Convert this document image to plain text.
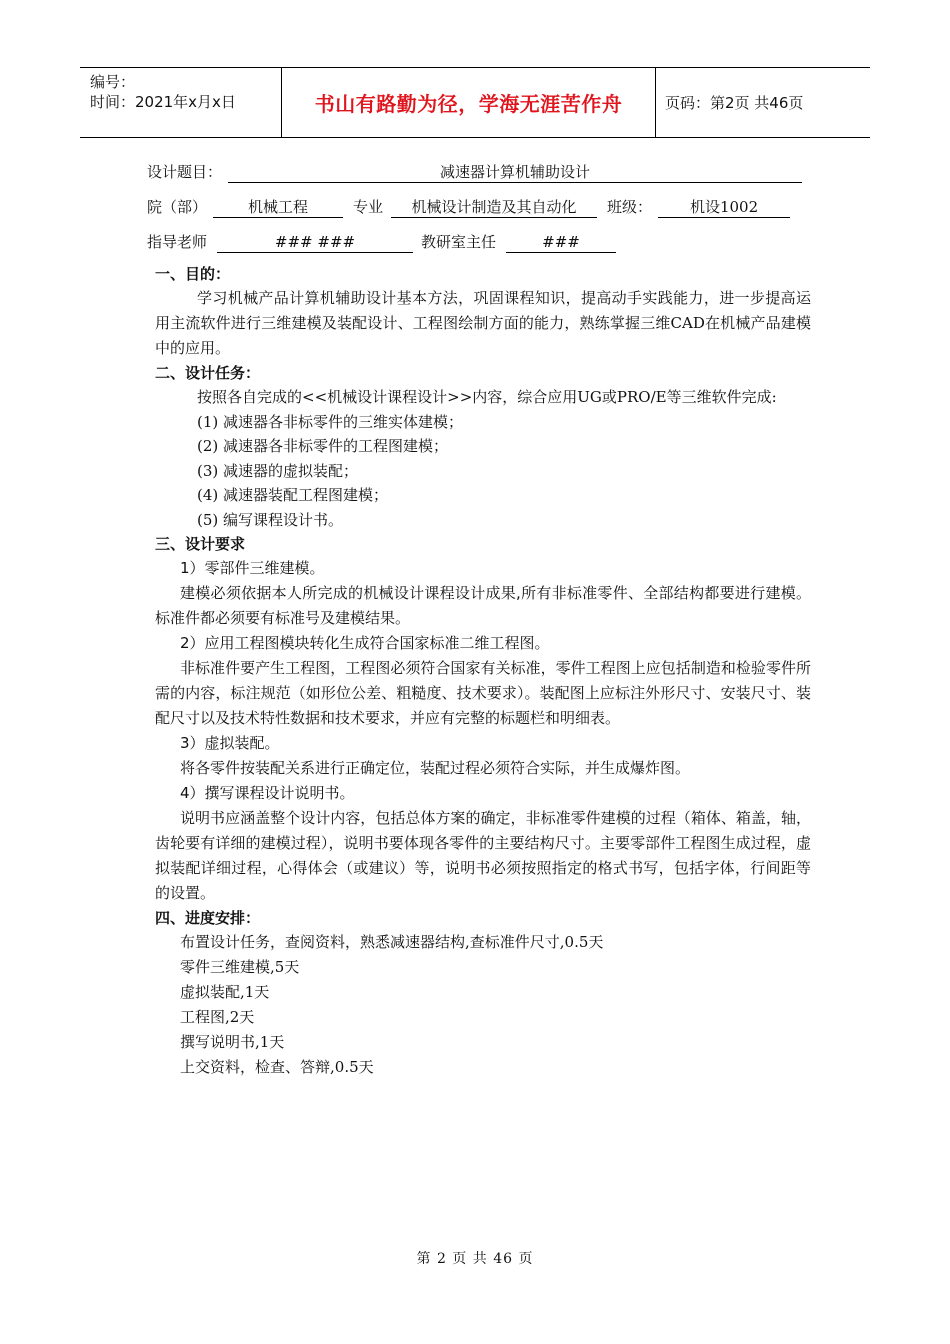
编号：
时间：2021年x月x日	书山有路勤为径，学海无涯苦作舟	页码：第2页 共46页
设计题目：	减速器计算机辅助设计
院（部）	机械工程	专业 机械设计制造及其自动化 班级：	机设1002
指导老师	### ###	教研室主任	###
一、目的：
学习机械产品计算机辅助设计基本方法，巩固课程知识，提高动手实践能力，进一步提高运用主流软件进行三维建模及装配设计、工程图绘制方面的能力，熟练掌握三维CAD在机械产品建模中的应用。
二、设计任务：
按照各自完成的<<机械设计课程设计>>内容，综合应用UG或PRO/E等三维软件完成:
(1) 减速器各非标零件的三维实体建模；
(2) 减速器各非标零件的工程图建模；
(3) 减速器的虚拟装配；
(4) 减速器装配工程图建模；
(5) 编写课程设计书。
三、设计要求
1）零部件三维建模。
建模必须依据本人所完成的机械设计课程设计成果,所有非标准零件、全部结构都要进行建模。标准件都必须要有标准号及建模结果。
2）应用工程图模块转化生成符合国家标准二维工程图。
非标准件要产生工程图，工程图必须符合国家有关标准，零件工程图上应包括制造和检验零件所需的内容，标注规范（如形位公差、粗糙度、技术要求）。装配图上应标注外形尺寸、安装尺寸、装配尺寸以及技术特性数据和技术要求，并应有完整的标题栏和明细表。
3）虚拟装配。
将各零件按装配关系进行正确定位，装配过程必须符合实际，并生成爆炸图。
4）撰写课程设计说明书。
说明书应涵盖整个设计内容，包括总体方案的确定，非标准零件建模的过程（箱体、箱盖，轴，齿轮要有详细的建模过程），说明书要体现各零件的主要结构尺寸。主要零部件工程图生成过程，虚拟装配详细过程，心得体会（或建议）等，说明书必须按照指定的格式书写，包括字体，行间距等的设置。
四、进度安排：
布置设计任务，查阅资料，熟悉减速器结构,查标准件尺寸,0.5天
零件三维建模,5天
虚拟装配,1天
工程图,2天
撰写说明书,1天
上交资料，检查、答辩,0.5天
第 2 页 共 46 页
